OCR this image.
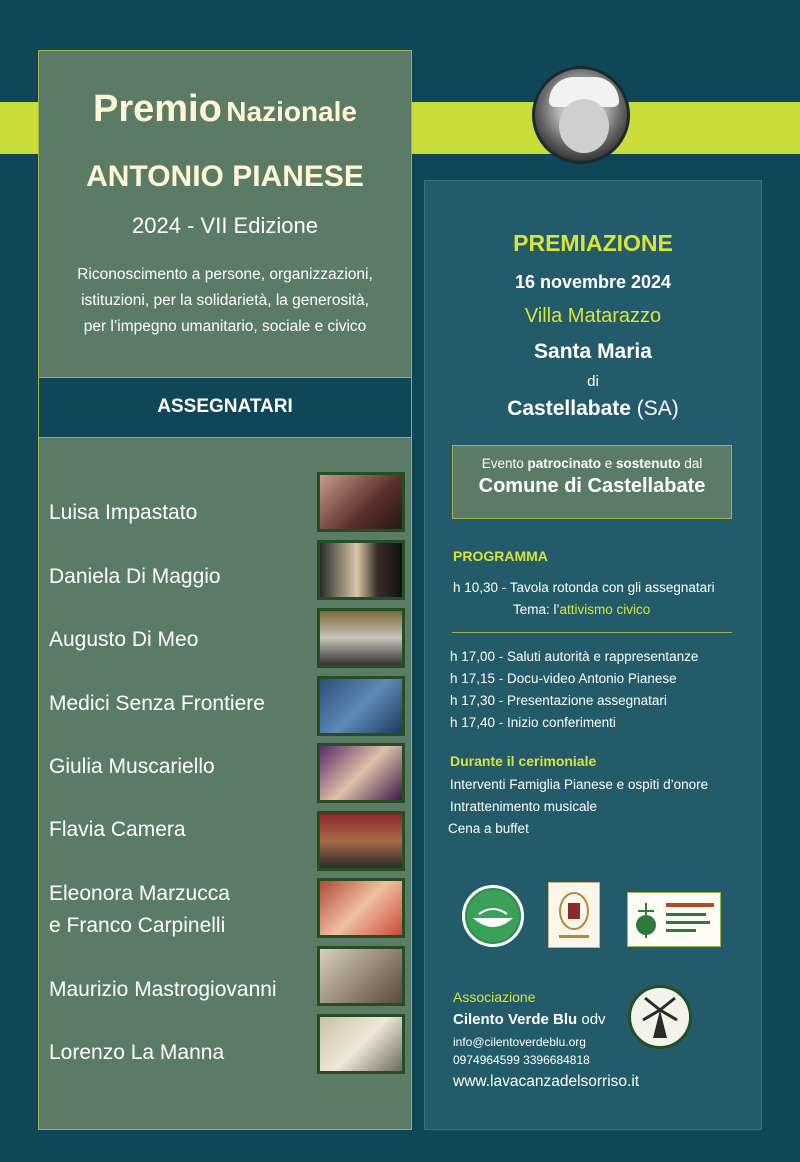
Premio Nazionale
ANTONIO PIANESE
2024 - VII Edizione
Riconoscimento a persone, organizzazioni,
istituzioni, per la solidarietà, la generosità,
per l’impegno umanitario, sociale e civico
ASSEGNATARI
Luisa Impastato
Daniela Di Maggio
Augusto Di Meo
Medici Senza Frontiere
Giulia Muscariello
Flavia Camera
Eleonora Marzucca
e Franco Carpinelli
Maurizio Mastrogiovanni
Lorenzo La Manna
PREMIAZIONE
16 novembre 2024
Villa Matarazzo
Santa Maria
di
Castellabate (SA)
Evento patrocinato e sostenuto dal
Comune di Castellabate
PROGRAMMA
h 10,30 - Tavola rotonda con gli assegnatari
Tema: l’attivismo civico
h 17,00 - Saluti autorità e rappresentanze
h 17,15 - Docu-video Antonio Pianese
h 17,30 - Presentazione assegnatari
h 17,40 - Inizio conferimenti
Durante il cerimoniale
Interventi Famiglia Pianese e ospiti d’onore
Intrattenimento musicale
Cena a buffet
Associazione
Cilento Verde Blu odv
info@cilentoverdeblu.org
0974964599 3396684818
www.lavacanzadelsorriso.it
